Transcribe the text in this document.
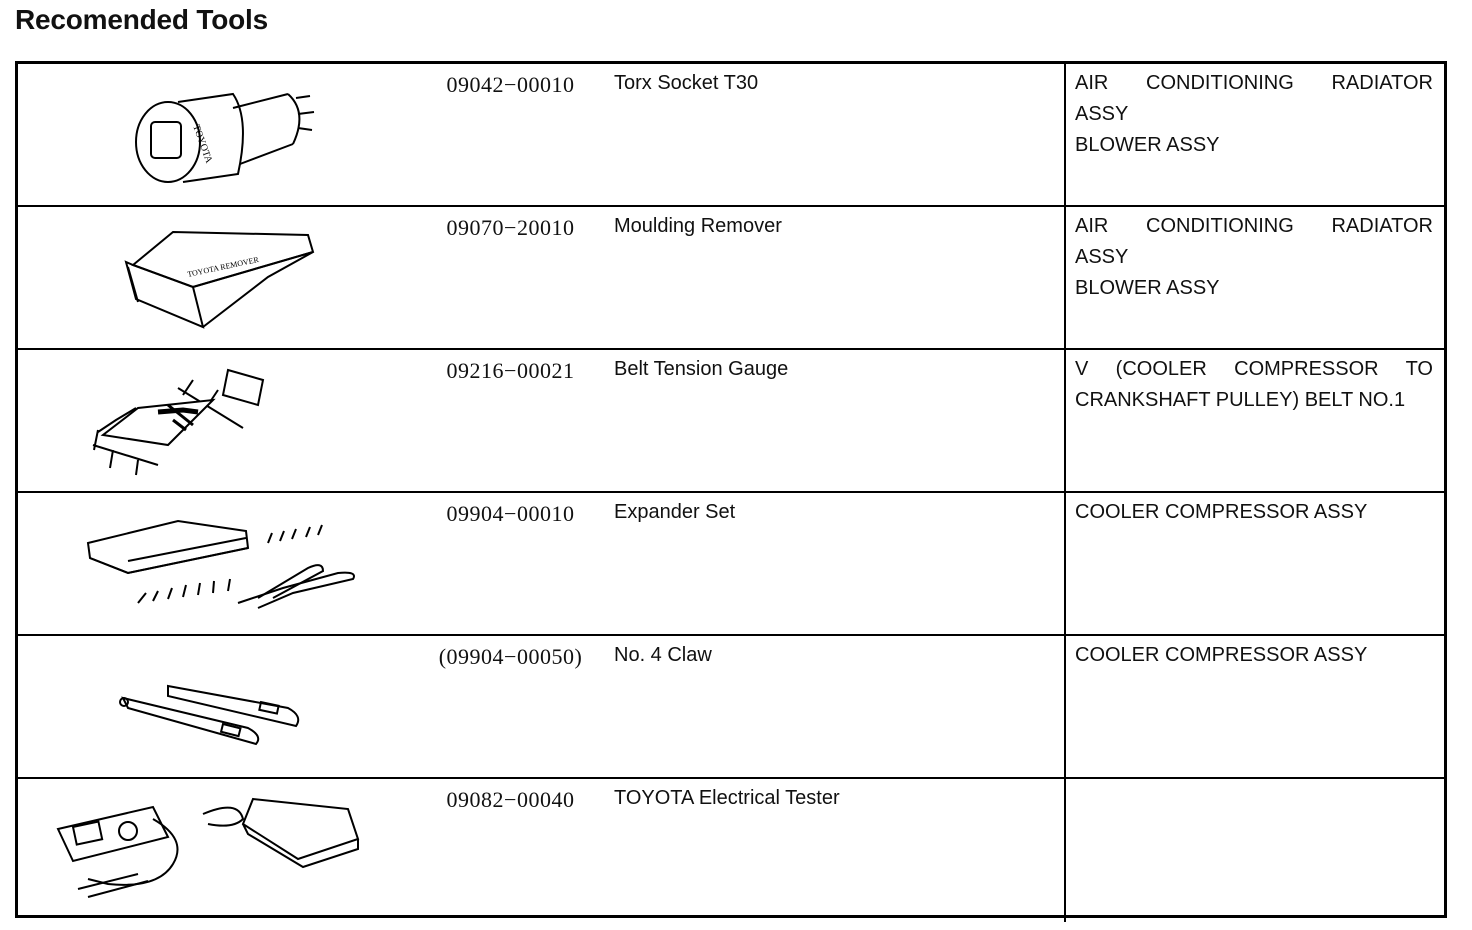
Recomended Tools
TOYOTA
09042−00010	Torx Socket T30	AIR CONDITIONING RADIATOR
ASSY
BLOWER ASSY
TOYOTA REMOVER
09070−20010	Moulding Remover	AIR CONDITIONING RADIATOR
ASSY
BLOWER ASSY
09216−00021	Belt Tension Gauge	V (COOLER COMPRESSOR TO
CRANKSHAFT PULLEY) BELT NO.1
09904−00010	Expander Set	COOLER COMPRESSOR ASSY
(09904−00050)	No. 4 Claw	COOLER COMPRESSOR ASSY
09082−00040	TOYOTA Electrical Tester
